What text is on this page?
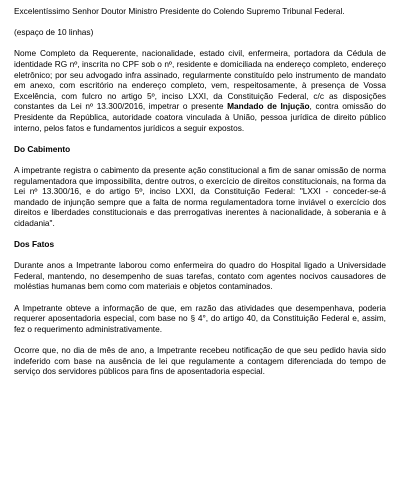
Excelentíssimo Senhor Doutor Ministro Presidente do Colendo Supremo Tribunal Federal.

(espaço de 10 linhas)

Nome Completo da Requerente, nacionalidade, estado civil, enfermeira, portadora da Cédula de identidade RG nº, inscrita no CPF sob o nº, residente e domiciliada na endereço completo, endereço eletrônico; por seu advogado infra assinado, regularmente constituído pelo instrumento de mandato em anexo, com escritório na endereço completo, vem, respeitosamente, à presença de Vossa Excelência, com fulcro no artigo 5º, inciso LXXI, da Constituição Federal, c/c as disposições constantes da Lei nº 13.300/2016, impetrar o presente Mandado de Injução, contra omissão do Presidente da República, autoridade coatora vinculada à União, pessoa jurídica de direito público interno, pelos fatos e fundamentos jurídicos a seguir expostos.

Do Cabimento

A impetrante registra o cabimento da presente ação constitucional a fim de sanar omissão de norma regulamentadora que impossibilita, dentre outros, o exercício de direitos constitucionais, na forma da Lei nº 13.300/16, e do artigo 5º, inciso LXXI, da Constituição Federal: "LXXI - conceder-se-á mandado de injunção sempre que a falta de norma regulamentadora torne inviável o exercício dos direitos e liberdades constitucionais e das prerrogativas inerentes à nacionalidade, à soberania e à cidadania".

Dos Fatos

Durante anos a Impetrante laborou como enfermeira do quadro do Hospital ligado a Universidade Federal, mantendo, no desempenho de suas tarefas, contato com agentes nocivos causadores de moléstias humanas bem como com materiais e objetos contaminados.

A Impetrante obteve a informação de que, em razão das atividades que desempenhava, poderia requerer aposentadoria especial, com base no § 4°, do artigo 40, da Constituição Federal e, assim, fez o requerimento administrativamente.

Ocorre que, no dia de mês de ano, a Impetrante recebeu notificação de que seu pedido havia sido indeferido com base na ausência de lei que regulamente a contagem diferenciada do tempo de serviço dos servidores públicos para fins de aposentadoria especial.
